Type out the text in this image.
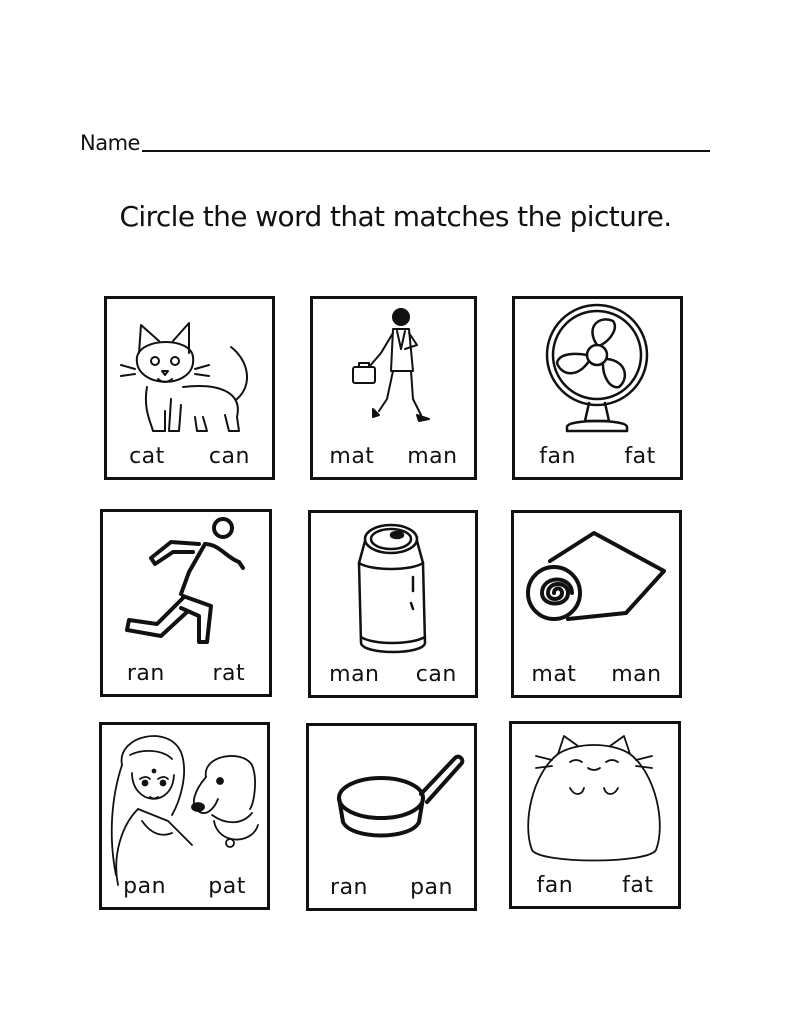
Name
Circle the word that matches the picture.
cat can	mat man	fan fat
ran rat	man can	mat man
pan pat	ran pan	fan fat
